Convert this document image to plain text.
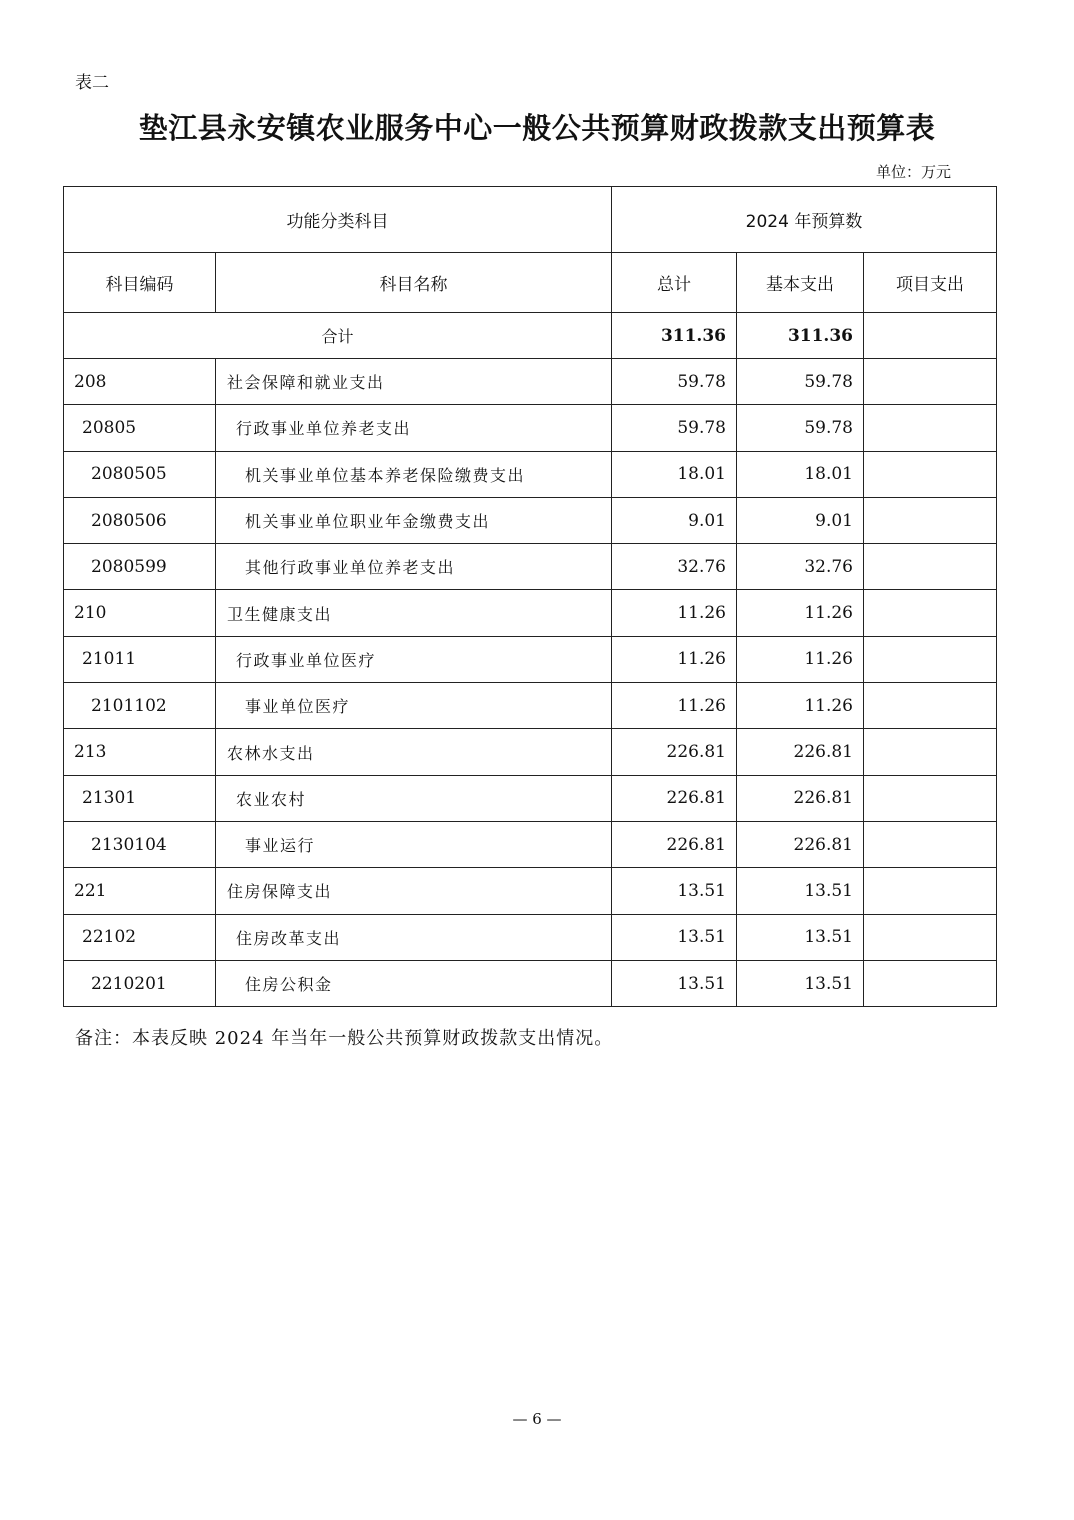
表二
垫江县永安镇农业服务中心一般公共预算财政拨款支出预算表
单位：万元
功能分类科目		2024 年预算数		
科目编码	科目名称	总计	基本支出	项目支出
合计		311.36	311.36	
208	社会保障和就业支出	59.78	59.78	
20805	行政事业单位养老支出	59.78	59.78	
2080505	机关事业单位基本养老保险缴费支出	18.01	18.01	
2080506	机关事业单位职业年金缴费支出	9.01	9.01	
2080599	其他行政事业单位养老支出	32.76	32.76	
210	卫生健康支出	11.26	11.26	
21011	行政事业单位医疗	11.26	11.26	
2101102	事业单位医疗	11.26	11.26	
213	农林水支出	226.81	226.81	
21301	农业农村	226.81	226.81	
2130104	事业运行	226.81	226.81	
221	住房保障支出	13.51	13.51	
22102	住房改革支出	13.51	13.51	
2210201	住房公积金	13.51	13.51	
备注：本表反映 2024 年当年一般公共预算财政拨款支出情况。
— 6 —
